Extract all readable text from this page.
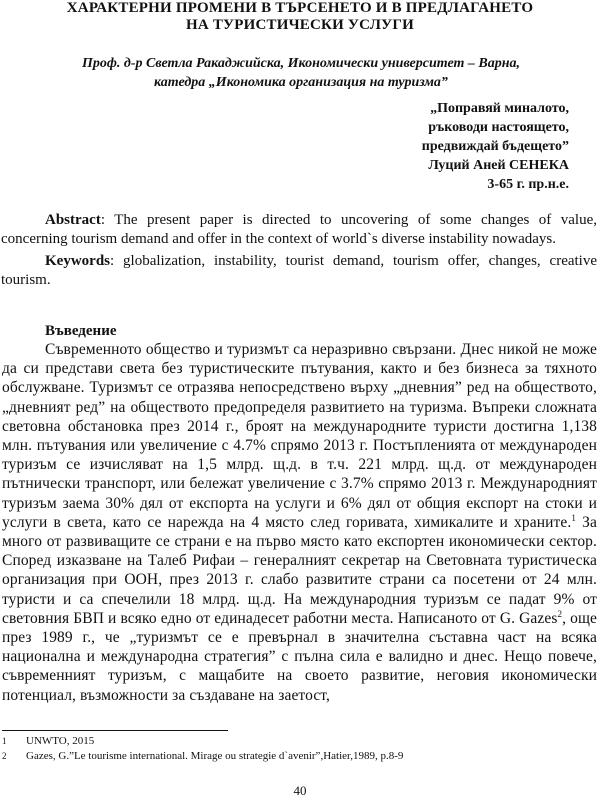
ХАРАКТЕРНИ ПРОМЕНИ В ТЪРСЕНЕТО И В ПРЕДЛАГАНЕТО
НА ТУРИСТИЧЕСКИ УСЛУГИ
Проф. д-р Светла Ракаджийска, Икономически университет – Варна,
катедра „Икономика организация на туризма”
„Поправяй миналото,
ръководи настоящето,
предвиждай бъдещето”
Луций Аней СЕНЕКА
3-65 г. пр.н.е.

Abstract: The present paper is directed to uncovering of some changes of value, concerning tourism demand and offer in the context of world`s diverse instability nowadays.

Keywords: globalization, instability, tourist demand, tourism offer, changes, creative tourism.

Въведение

Съвременното общество и туризмът са неразривно свързани. Днес никой не може да си представи света без туристическите пътувания, както и без бизнеса за тяхното обслужване. Туризмът се отразява непосредствено върху „дневния” ред на обществото, „дневният ред” на обществото предопределя развитието на туризма. Въпреки сложната световна обстановка през 2014 г., броят на международните туристи достигна 1,138 млн. пътувания или увеличение с 4.7% спрямо 2013 г. Постъпленията от международен туризъм се изчисляват на 1,5 млрд. щ.д. в т.ч. 221 млрд. щ.д. от международен пътнически транспорт, или бележат увеличение с 3.7% спрямо 2013 г. Международният туризъм заема 30% дял от експорта на услуги и 6% дял от общия експорт на стоки и услуги в света, като се нарежда на 4 място след горивата, химикалите и храните.$^1$ За много от развиващите се страни е на първо място като експортен икономически сектор. Според изказване на Талеб Рифаи – генералният секретар на Световната туристическа организация при ООН, през 2013 г. слабо развитите страни са посетени от 24 млн. туристи и са спечелили 18 млрд. щ.д. На международния туризъм се падат 9% от световния БВП и всяко едно от единадесет работни места. Написаното от G. Gazes$^2$, още през 1989 г., че „туризмът се е превърнал в значителна съставна част на всяка национална и международна стратегия” с пълна сила е валидно и днес. Нещо повече, съвременният туризъм, с мащабите на своето развитие, неговия икономически потенциал, възможности за създаване на заетост,

1	UNWTO, 2015
2	Gazes, G.”Le tourisme international. Mirage ou strategie d`avenir”,Hatier,1989, p.8-9
40
